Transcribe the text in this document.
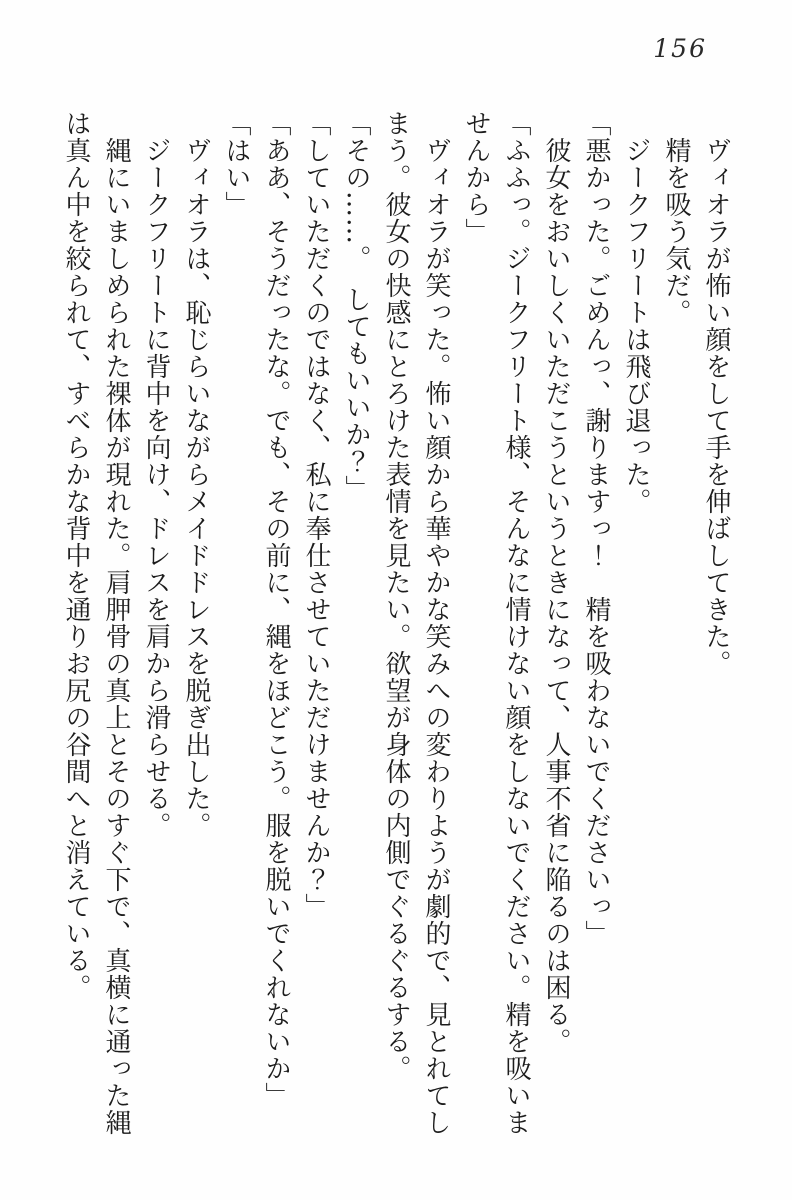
156
　ヴィオラが怖い顔をして手を伸ばしてきた。
　精を吸う気だ。
　ジークフリートは飛び退った。
「悪かった。ごめんっ、謝りますっ！　精を吸わないでくださいっ」
　彼女をおいしくいただこうというときになって、人事不省に陥るのは困る。
「ふふっ。ジークフリート様、そんなに情けない顔をしないでください。精を吸いま
せんから」
　ヴィオラが笑った。怖い顔から華やかな笑みへの変わりようが劇的で、見とれてし
まう。彼女の快感にとろけた表情を見たい。欲望が身体の内側でぐるぐるする。
「その……。　してもいいか？」
「していただくのではなく、私に奉仕させていただけませんか？」
「ああ、そうだったな。でも、その前に、縄をほどこう。服を脱いでくれないか」
「はい」
　ヴィオラは、恥じらいながらメイドドレスを脱ぎ出した。
　ジークフリートに背中を向け、ドレスを肩から滑らせる。
　縄にいましめられた裸体が現れた。肩胛骨の真上とそのすぐ下で、真横に通った縄
は真ん中を絞られて、すべらかな背中を通りお尻の谷間へと消えている。
